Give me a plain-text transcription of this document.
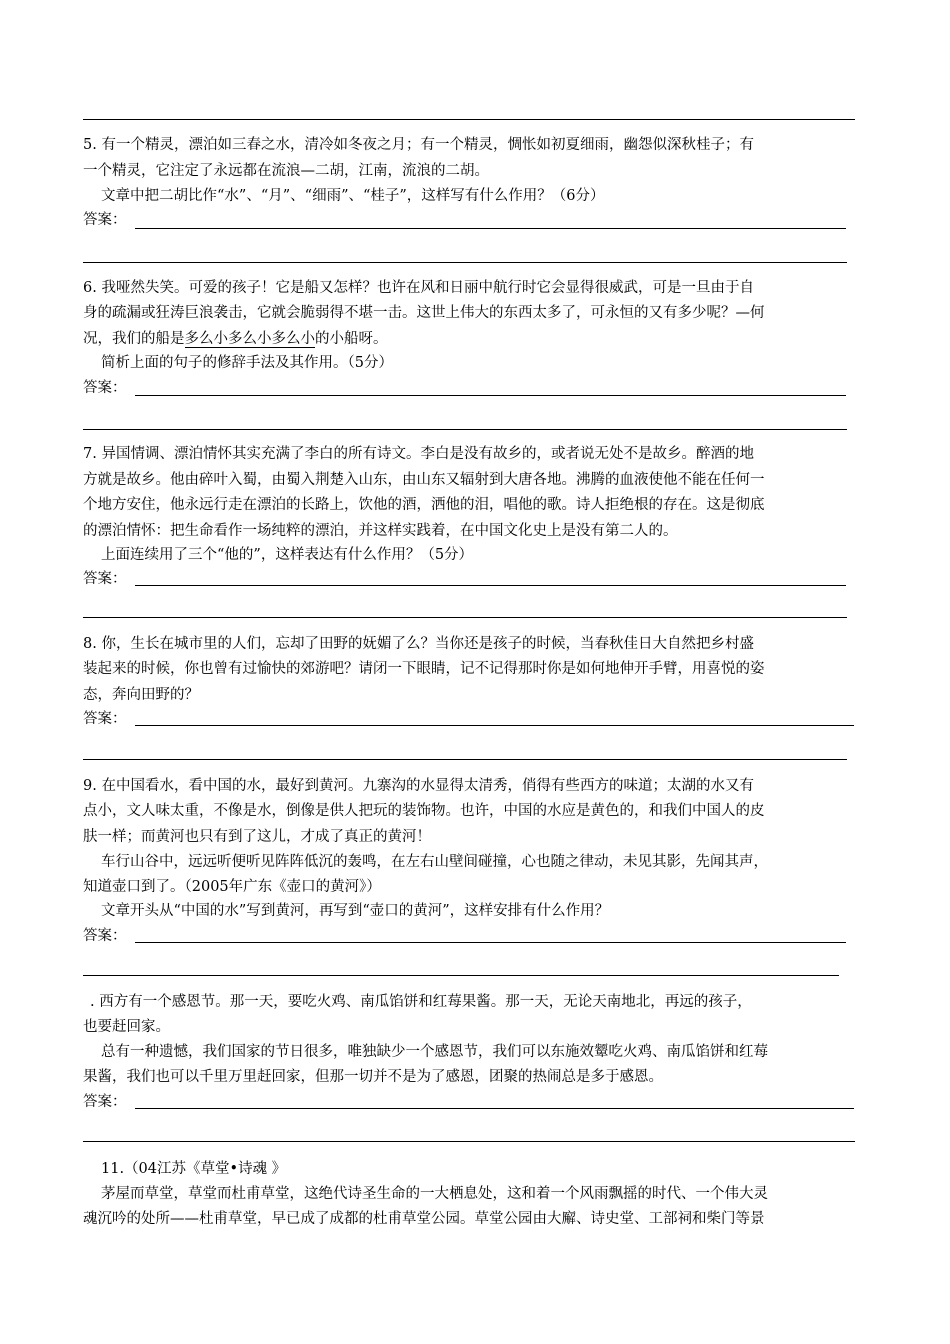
5. 有一个精灵，漂泊如三春之水，清冷如冬夜之月；有一个精灵，惆怅如初夏细雨，幽怨似深秋桂子；有
一个精灵，它注定了永远都在流浪—二胡，江南，流浪的二胡。
文章中把二胡比作“水”、“月”、“细雨”、“桂子”，这样写有什么作用？（6分）
答案：
6. 我哑然失笑。可爱的孩子！它是船又怎样？也许在风和日丽中航行时它会显得很威武，可是一旦由于自
身的疏漏或狂涛巨浪袭击，它就会脆弱得不堪一击。这世上伟大的东西太多了，可永恒的又有多少呢？—何
况，我们的船是多么小多么小多么小的小船呀。
简析上面的句子的修辞手法及其作用。（5分）
答案：
7. 异国情调、漂泊情怀其实充满了李白的所有诗文。李白是没有故乡的，或者说无处不是故乡。醉酒的地
方就是故乡。他由碎叶入蜀，由蜀入荆楚入山东，由山东又辐射到大唐各地。沸腾的血液使他不能在任何一
个地方安住，他永远行走在漂泊的长路上，饮他的酒，洒他的泪，唱他的歌。诗人拒绝根的存在。这是彻底
的漂泊情怀：把生命看作一场纯粹的漂泊，并这样实践着，在中国文化史上是没有第二人的。
上面连续用了三个“他的”，这样表达有什么作用？（5分）
答案：
8. 你，生长在城市里的人们，忘却了田野的妩媚了么？当你还是孩子的时候，当春秋佳日大自然把乡村盛
装起来的时候，你也曾有过愉快的郊游吧？请闭一下眼睛，记不记得那时你是如何地伸开手臂，用喜悦的姿
态，奔向田野的？
答案：
9. 在中国看水，看中国的水，最好到黄河。九寨沟的水显得太清秀，俏得有些西方的味道；太湖的水又有
点小，文人味太重，不像是水，倒像是供人把玩的装饰物。也许，中国的水应是黄色的，和我们中国人的皮
肤一样；而黄河也只有到了这儿，才成了真正的黄河！
车行山谷中，远远听便听见阵阵低沉的轰鸣，在左右山壁间碰撞，心也随之律动，未见其影，先闻其声，
知道壶口到了。（2005年广东《壶口的黄河》）
文章开头从“中国的水”写到黄河，再写到“壶口的黄河”，这样安排有什么作用？
答案：
. 西方有一个感恩节。那一天，要吃火鸡、南瓜馅饼和红莓果酱。那一天，无论天南地北，再远的孩子，
也要赶回家。
总有一种遗憾，我们国家的节日很多，唯独缺少一个感恩节，我们可以东施效颦吃火鸡、南瓜馅饼和红莓
果酱，我们也可以千里万里赶回家，但那一切并不是为了感恩，团聚的热闹总是多于感恩。
答案：
11.（04江苏《草堂•诗魂 》
茅屋而草堂，草堂而杜甫草堂，这绝代诗圣生命的一大栖息处，这和着一个风雨飘摇的时代、一个伟大灵
魂沉吟的处所——杜甫草堂，早已成了成都的杜甫草堂公园。草堂公园由大廨、诗史堂、工部祠和柴门等景
